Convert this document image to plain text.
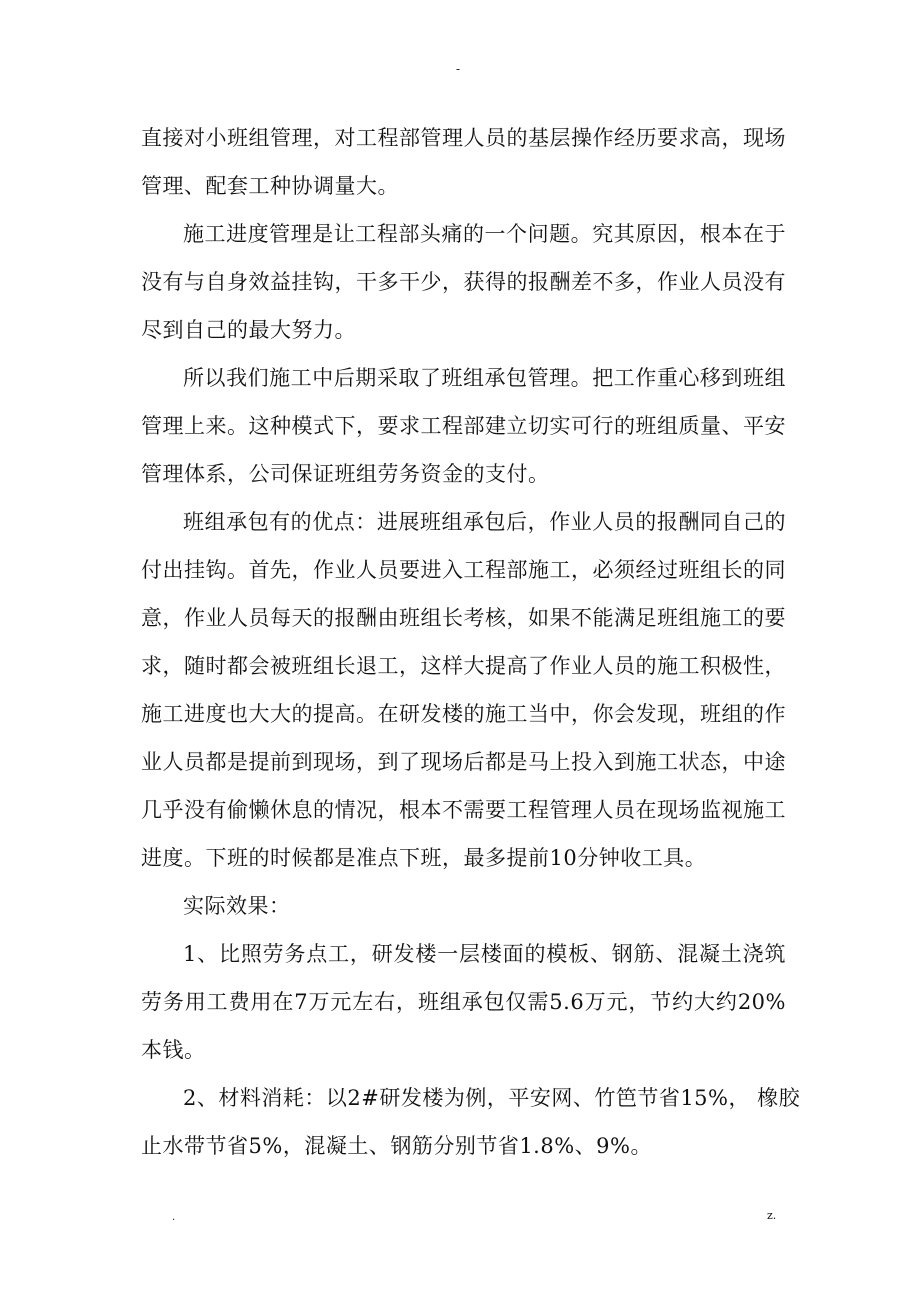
-
直接对小班组管理，对工程部管理人员的基层操作经历要求高，现场
管理、配套工种协调量大。
施工进度管理是让工程部头痛的一个问题。究其原因，根本在于
没有与自身效益挂钩，干多干少，获得的报酬差不多，作业人员没有
尽到自己的最大努力。
所以我们施工中后期采取了班组承包管理。把工作重心移到班组
管理上来。这种模式下，要求工程部建立切实可行的班组质量、平安
管理体系，公司保证班组劳务资金的支付。
班组承包有的优点：进展班组承包后，作业人员的报酬同自己的
付出挂钩。首先，作业人员要进入工程部施工，必须经过班组长的同
意，作业人员每天的报酬由班组长考核，如果不能满足班组施工的要
求，随时都会被班组长退工，这样大提高了作业人员的施工积极性，
施工进度也大大的提高。在研发楼的施工当中，你会发现，班组的作
业人员都是提前到现场，到了现场后都是马上投入到施工状态，中途
几乎没有偷懒休息的情况，根本不需要工程管理人员在现场监视施工
进度。下班的时候都是准点下班，最多提前10分钟收工具。
实际效果：
1、比照劳务点工，研发楼一层楼面的模板、钢筋、混凝土浇筑
劳务用工费用在7万元左右，班组承包仅需5.6万元，节约大约20%
本钱。
2、材料消耗：以2#研发楼为例，平安网、竹笆节省15%， 橡胶
止水带节省5%，混凝土、钢筋分别节省1.8%、9%。
.	z.
